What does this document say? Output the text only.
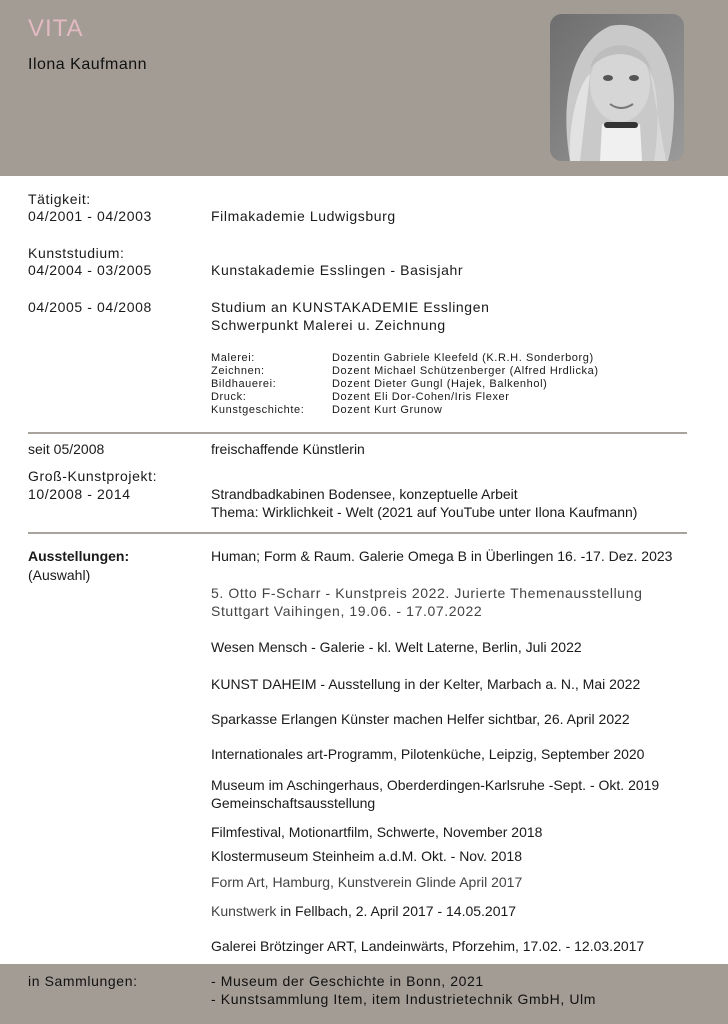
VITA
Ilona Kaufmann
Tätigkeit:
04/2001 - 04/2003	Filmakademie Ludwigsburg
Kunststudium:
04/2004 - 03/2005	Kunstakademie Esslingen - Basisjahr
04/2005 - 04/2008	Studium an KUNSTAKADEMIE Esslingen
Schwerpunkt Malerei u. Zeichnung
Malerei:	Dozentin Gabriele Kleefeld (K.R.H. Sonderborg)
Zeichnen:	Dozent Michael Schützenberger (Alfred Hrdlicka)
Bildhauerei:	Dozent Dieter Gungl (Hajek, Balkenhol)
Druck:	Dozent Eli Dor-Cohen/Iris Flexer
Kunstgeschichte:	Dozent Kurt Grunow
seit 05/2008	freischaffende Künstlerin
Groß-Kunstprojekt:
10/2008 - 2014	Strandbadkabinen Bodensee, konzeptuelle Arbeit
Thema: Wirklichkeit - Welt (2021 auf YouTube unter Ilona Kaufmann)
Ausstellungen:
(Auswahl)
Human; Form & Raum. Galerie Omega B in Überlingen 16. -17. Dez. 2023
5. Otto F-Scharr - Kunstpreis 2022. Jurierte Themenausstellung
Stuttgart Vaihingen, 19.06. - 17.07.2022
Wesen Mensch - Galerie - kl. Welt Laterne, Berlin, Juli 2022
KUNST DAHEIM - Ausstellung in der Kelter, Marbach a. N., Mai 2022
Sparkasse Erlangen Künster machen Helfer sichtbar, 26. April 2022
Internationales art-Programm, Pilotenküche, Leipzig, September 2020
Museum im Aschingerhaus, Oberderdingen-Karlsruhe -Sept. - Okt. 2019
Gemeinschaftsausstellung
Filmfestival, Motionartfilm, Schwerte, November 2018
Klostermuseum Steinheim a.d.M. Okt. - Nov. 2018
Form Art, Hamburg, Kunstverein Glinde April 2017
Kunstwerk in Fellbach, 2. April 2017 - 14.05.2017
Galerei Brötzinger ART, Landeinwärts, Pforzehim, 17.02. - 12.03.2017
in Sammlungen:	- Museum der Geschichte in Bonn, 2021
- Kunstsammlung Item, item Industrietechnik GmbH, Ulm
